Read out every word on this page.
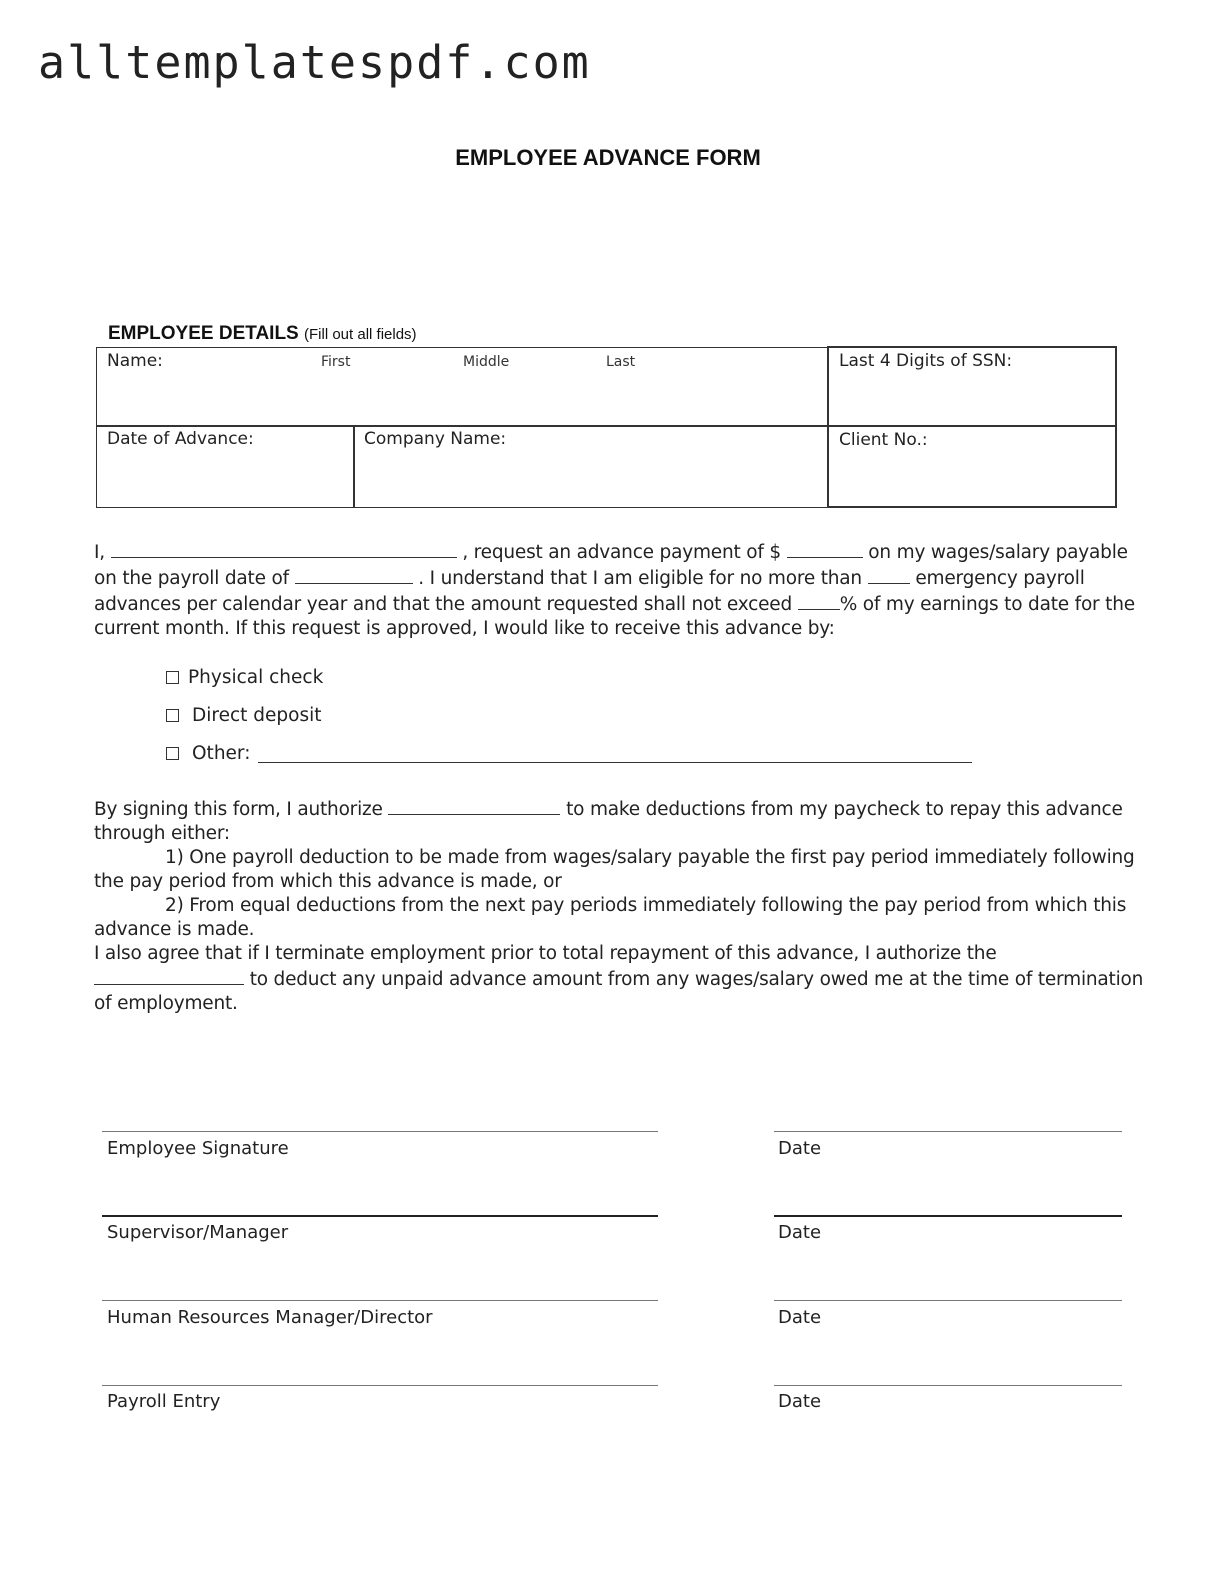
alltemplatespdf.com
EMPLOYEE ADVANCE FORM
EMPLOYEE DETAILS (Fill out all fields)
Name:	First	Middle	Last	Last 4 Digits of SSN:
Date of Advance:	Company Name:	Client No.:
I,	, request an advance payment of $	on my wages/salary payable
on the payroll date of	. I understand that I am eligible for no more than	emergency payroll
advances per calendar year and that the amount requested shall not exceed	% of my earnings to date for the
current month. If this request is approved, I would like to receive this advance by:
Physical check
Direct deposit
Other:
By signing this form, I authorize	to make deductions from my paycheck to repay this advance
through either:
1) One payroll deduction to be made from wages/salary payable the first pay period immediately following
the pay period from which this advance is made, or
2) From equal deductions from the next pay periods immediately following the pay period from which this
advance is made.
I also agree that if I terminate employment prior to total repayment of this advance, I authorize the
to deduct any unpaid advance amount from any wages/salary owed me at the time of termination
of employment.
Employee Signature	Date
Supervisor/Manager	Date
Human Resources Manager/Director	Date
Payroll Entry	Date
